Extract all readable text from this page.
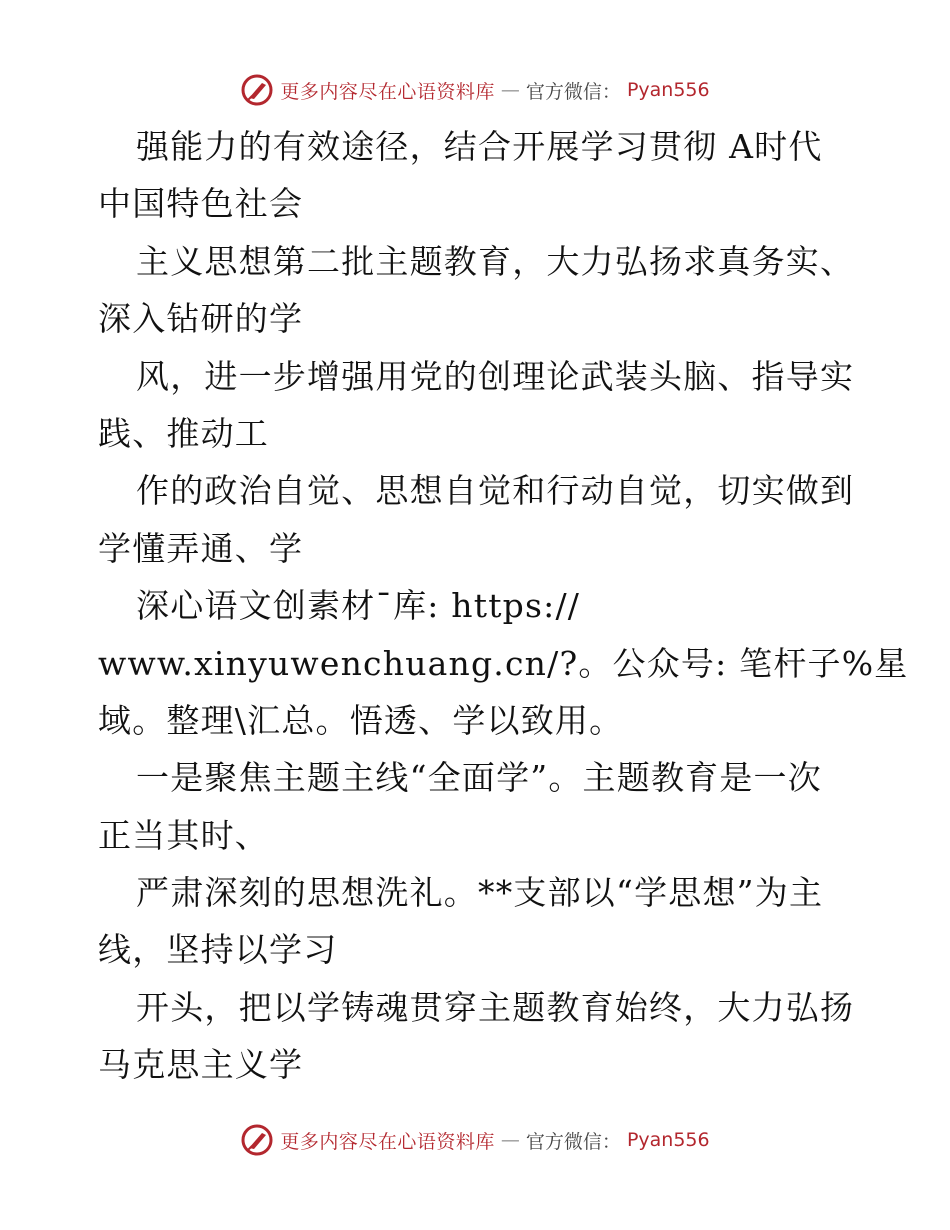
更多内容尽在心语资料库 — 官方微信： Pyan556
强能力的有效途径，结合开展学习贯彻 A时代
中国特色社会
主义思想第二批主题教育，大力弘扬求真务实、
深入钻研的学
风，进一步增强用党的创理论武装头脑、指导实
践、推动工
作的政治自觉、思想自觉和行动自觉，切实做到
学懂弄通、学
深心语文创素材¯库: https://
www.xinyuwenchuang.cn/?。公众号: 笔杆子%星
域。整理\汇总。悟透、学以致用。
一是聚焦主题主线“全面学”。主题教育是一次
正当其时、
严肃深刻的思想洗礼。**支部以“学思想”为主
线，坚持以学习
开头，把以学铸魂贯穿主题教育始终，大力弘扬
马克思主义学
更多内容尽在心语资料库 — 官方微信： Pyan556
